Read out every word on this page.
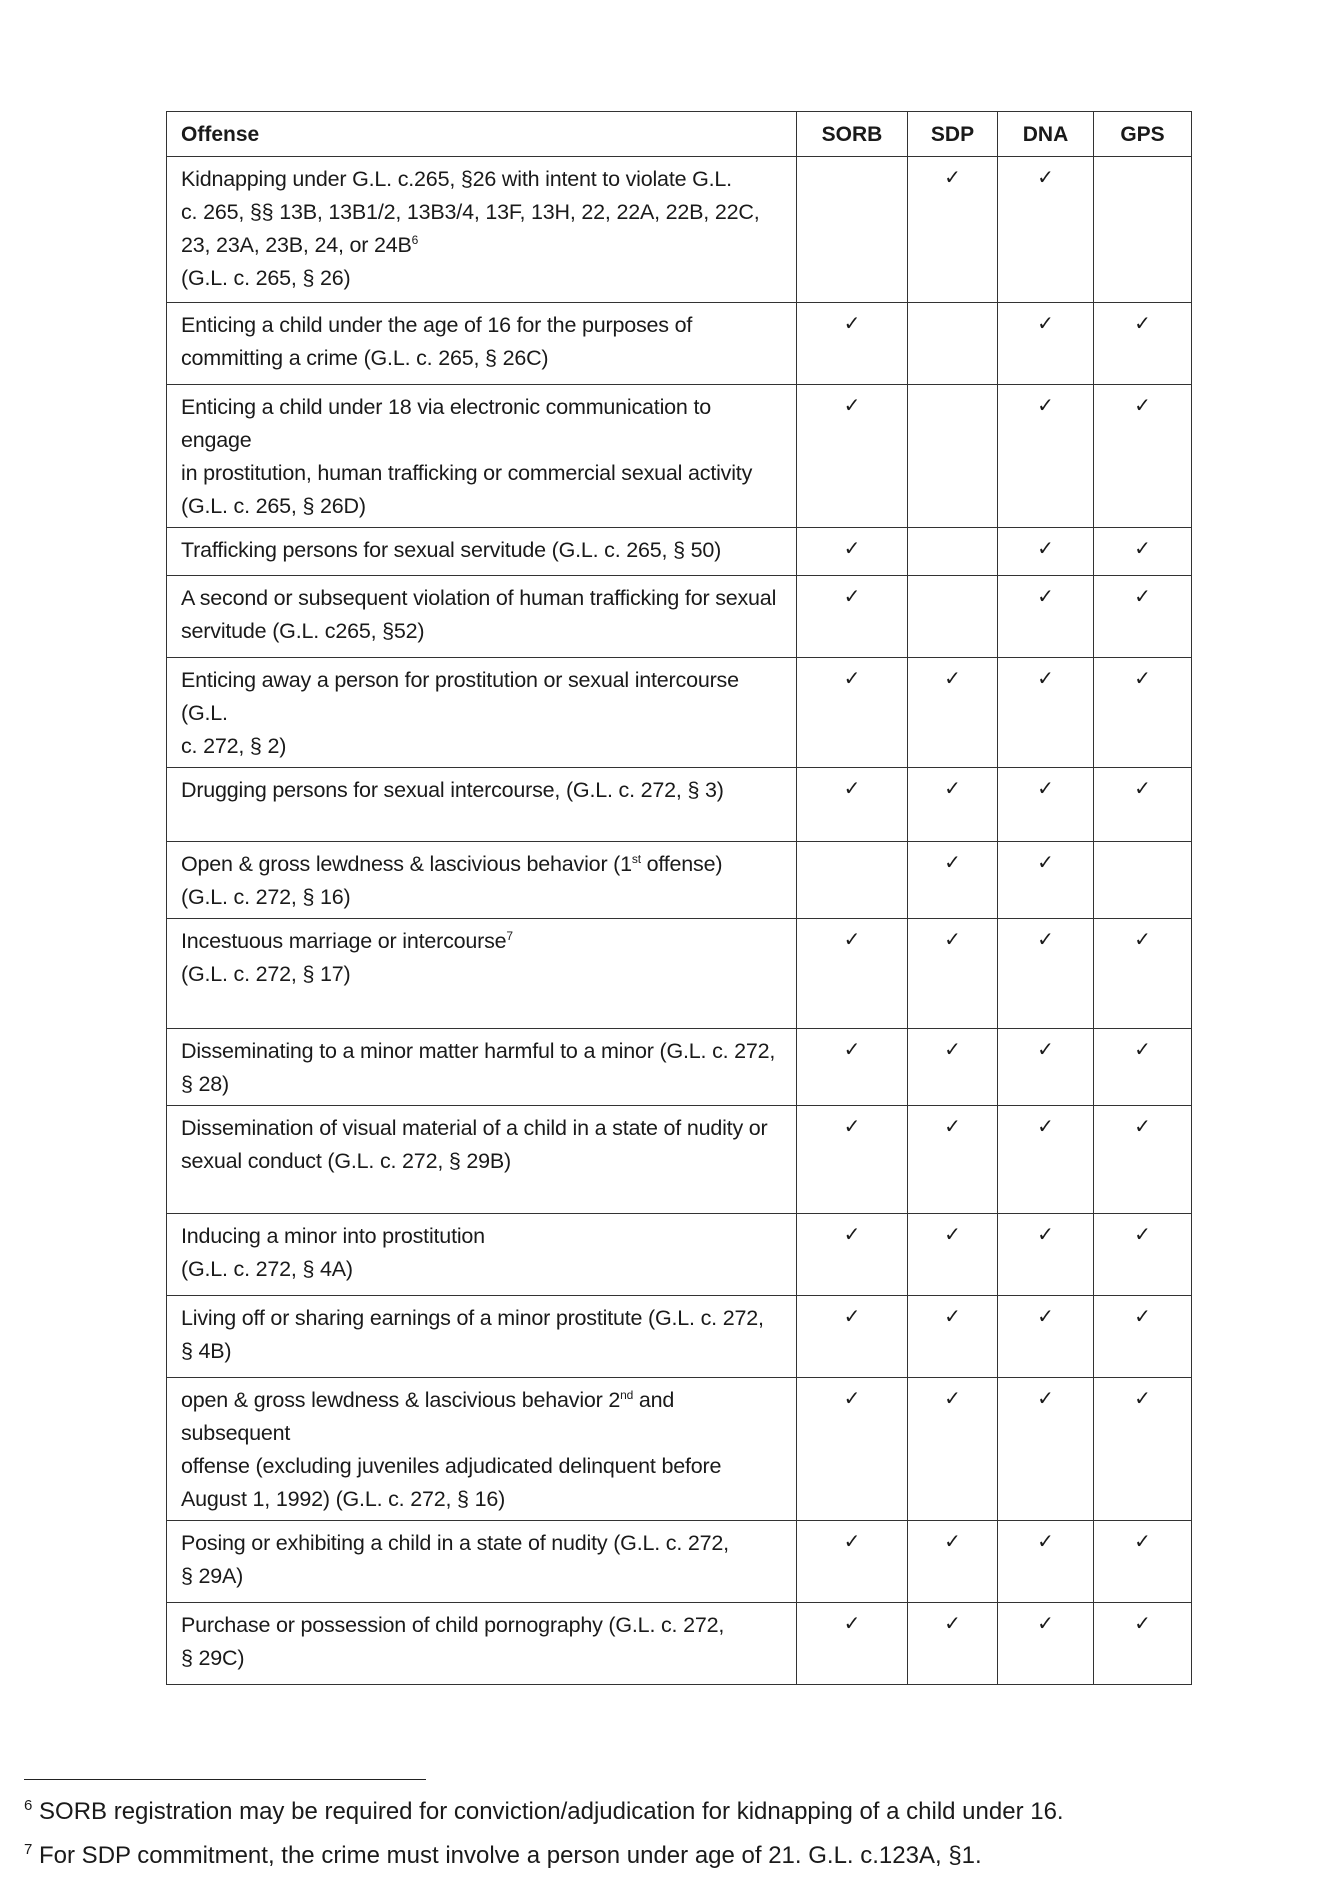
Offense	SORB	SDP	DNA	GPS

Kidnapping under G.L. c.265, §26 with intent to violate G.L.
c. 265, §§ 13B, 13B1/2, 13B3/4, 13F, 13H, 22, 22A, 22B, 22C,
23, 23A, 23B, 24, or $24B^6$
(G.L. c. 265, § 26)		✓	✓	

Enticing a child under the age of 16 for the purposes of
committing a crime (G.L. c. 265, § 26C)	✓		✓	✓

Enticing a child under 18 via electronic communication to engage
in prostitution, human trafficking or commercial sexual activity
(G.L. c. 265, § 26D)	✓		✓	✓

Trafficking persons for sexual servitude (G.L. c. 265, § 50)	✓		✓	✓

A second or subsequent violation of human trafficking for sexual
servitude (G.L. c265, §52)	✓		✓	✓

Enticing away a person for prostitution or sexual intercourse (G.L.
c. 272, § 2)	✓	✓	✓	✓

Drugging persons for sexual intercourse, (G.L. c. 272, § 3)	✓	✓	✓	✓

Open & gross lewdness & lascivious behavior (1st offense)
(G.L. c. 272, § 16)		✓	✓	

Incestuous marriage or intercourse$^7$
(G.L. c. 272, § 17)	✓	✓	✓	✓

Disseminating to a minor matter harmful to a minor (G.L. c. 272,
§ 28)	✓	✓	✓	✓

Dissemination of visual material of a child in a state of nudity or
sexual conduct (G.L. c. 272, § 29B)	✓	✓	✓	✓

Inducing a minor into prostitution
(G.L. c. 272, § 4A)	✓	✓	✓	✓

Living off or sharing earnings of a minor prostitute (G.L. c. 272,
§ 4B)	✓	✓	✓	✓

open & gross lewdness & lascivious behavior 2nd and subsequent
offense (excluding juveniles adjudicated delinquent before
August 1, 1992) (G.L. c. 272, § 16)	✓	✓	✓	✓

Posing or exhibiting a child in a state of nudity (G.L. c. 272,
§ 29A)	✓	✓	✓	✓

Purchase or possession of child pornography (G.L. c. 272,
§ 29C)	✓	✓	✓	✓
$^6$ SORB registration may be required for conviction/adjudication for kidnapping of a child under 16.
$^7$ For SDP commitment, the crime must involve a person under age of 21. G.L. c.123A, §1.
